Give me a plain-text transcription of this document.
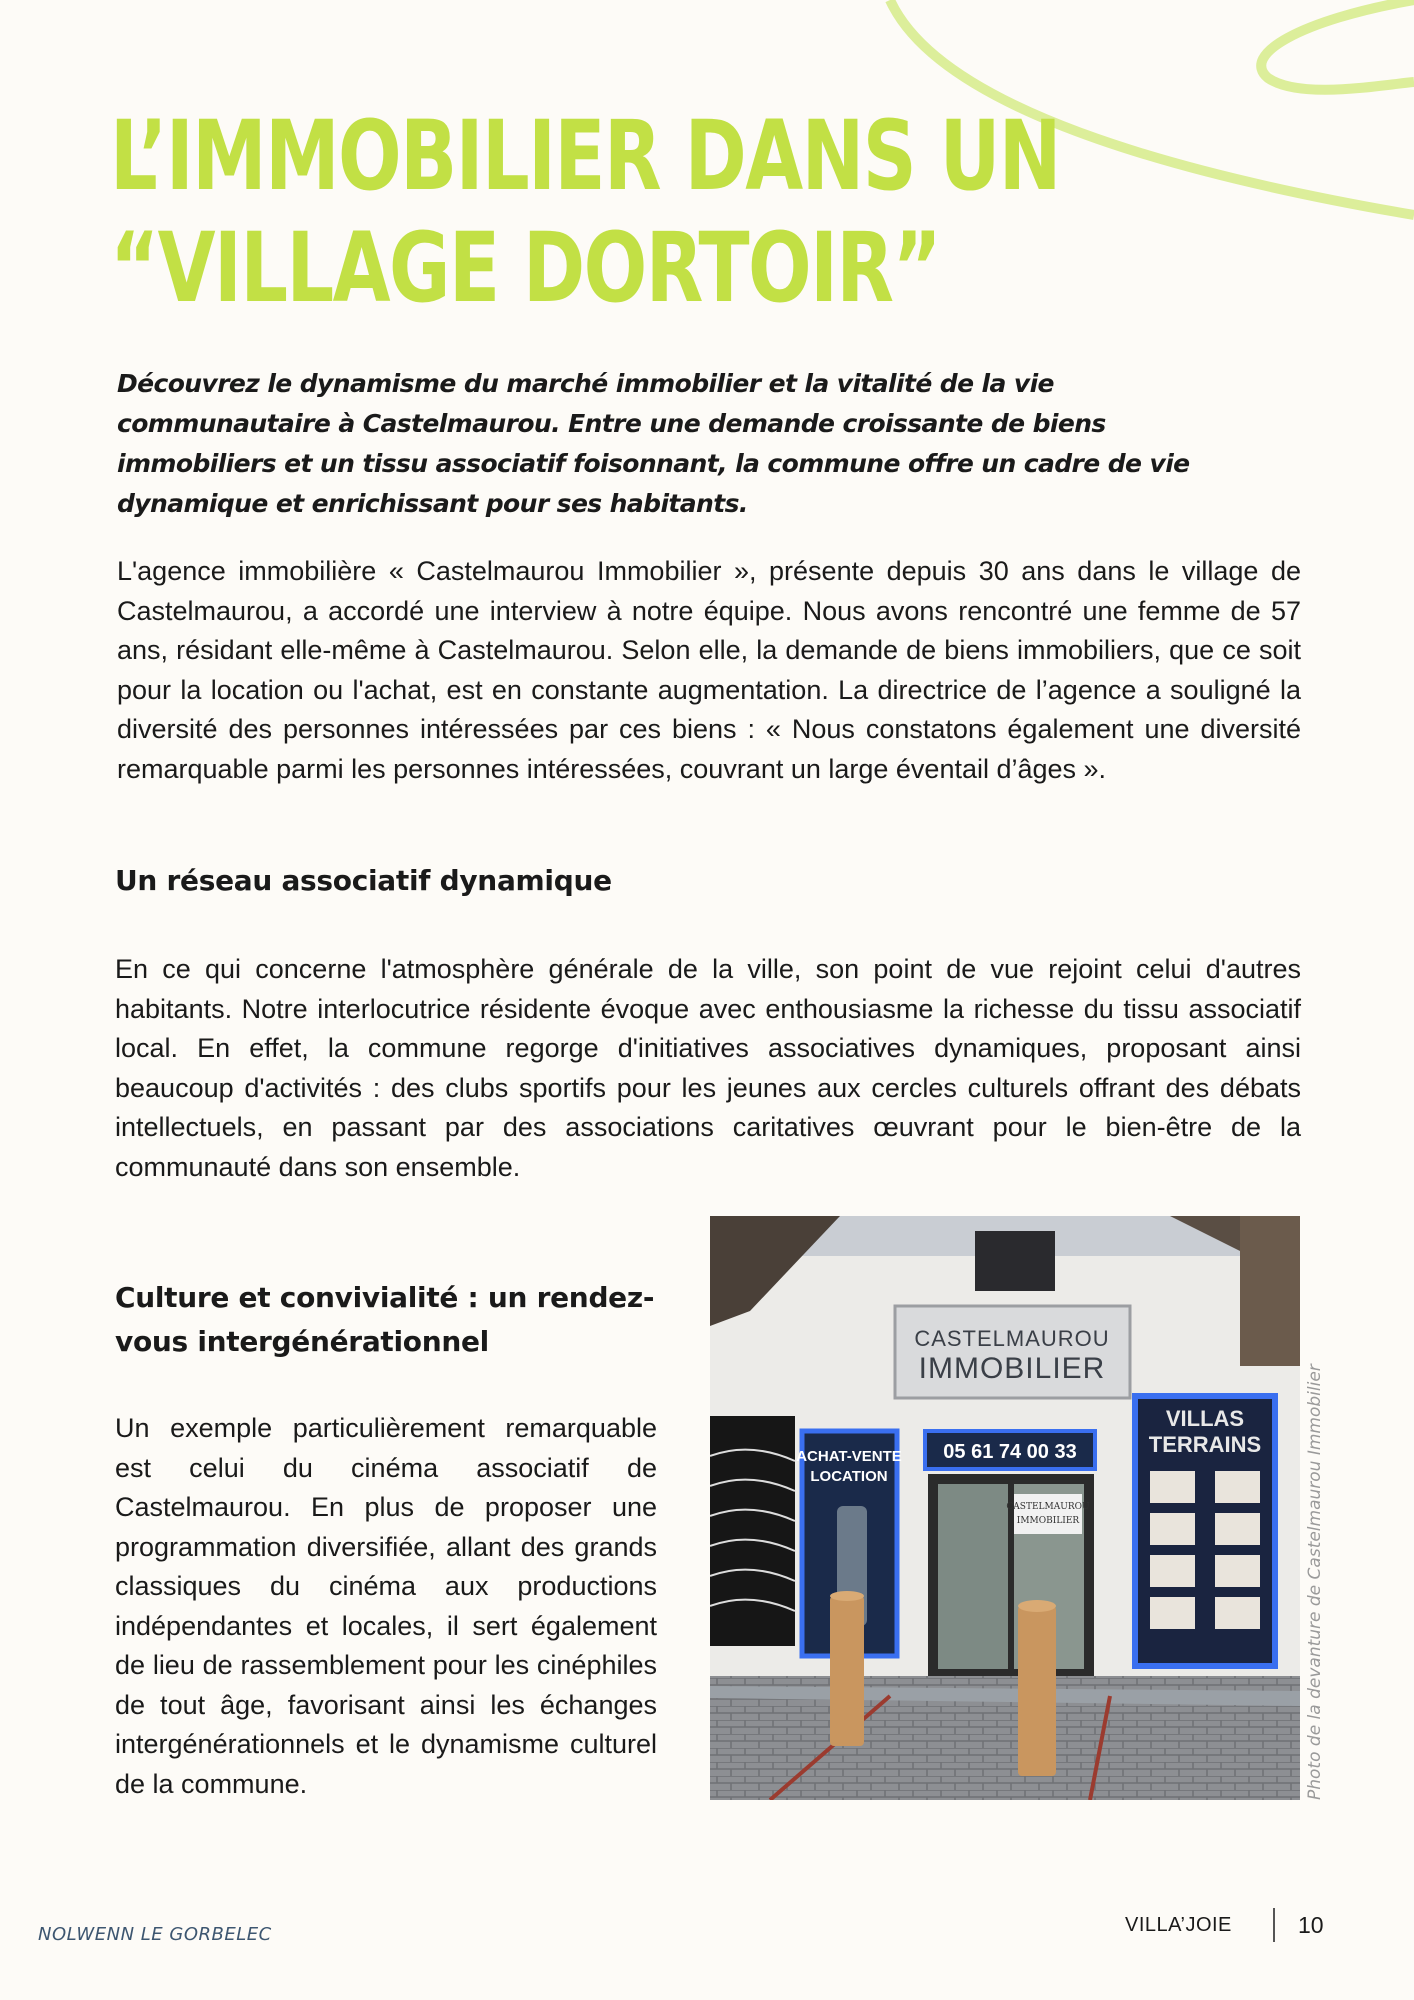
L’IMMOBILIER DANS UN
“VILLAGE DORTOIR”

Découvrez le dynamisme du marché immobilier et la vitalité de la vie communautaire à Castelmaurou. Entre une demande croissante de biens immobiliers et un tissu associatif foisonnant, la commune offre un cadre de vie dynamique et enrichissant pour ses habitants.

L'agence immobilière « Castelmaurou Immobilier », présente depuis 30 ans dans le village de Castelmaurou, a accordé une interview à notre équipe. Nous avons rencontré une femme de 57 ans, résidant elle-même à Castelmaurou. Selon elle, la demande de biens immobiliers, que ce soit pour la location ou l'achat, est en constante augmentation. La directrice de l’agence a souligné la diversité des personnes intéressées par ces biens : « Nous constatons également une diversité remarquable parmi les personnes intéressées, couvrant un large éventail d’âges ».

Un réseau associatif dynamique

En ce qui concerne l'atmosphère générale de la ville, son point de vue rejoint celui d'autres habitants. Notre interlocutrice résidente évoque avec enthousiasme la richesse du tissu associatif local. En effet, la commune regorge d'initiatives associatives dynamiques, proposant ainsi beaucoup d'activités : des clubs sportifs pour les jeunes aux cercles culturels offrant des débats intellectuels, en passant par des associations caritatives œuvrant pour le bien-être de la communauté dans son ensemble.

Culture et convivialité : un rendez-vous intergénérationnel

Un exemple particulièrement remarquable est celui du cinéma associatif de Castelmaurou. En plus de proposer une programmation diversifiée, allant des grands classiques du cinéma aux productions indépendantes et locales, il sert également de lieu de rassemblement pour les cinéphiles de tout âge, favorisant ainsi les échanges intergénérationnels et le dynamisme culturel de la commune.

CASTELMAUROU
IMMOBILIER
ACHAT-VENTE
LOCATION
05 61 74 00 33
CASTELMAUROU
IMMOBILIER
VILLAS
TERRAINS	Photo de la devanture de Castelmaurou Immobilier
NOLWENN LE GORBELEC	VILLA’JOIE	10
